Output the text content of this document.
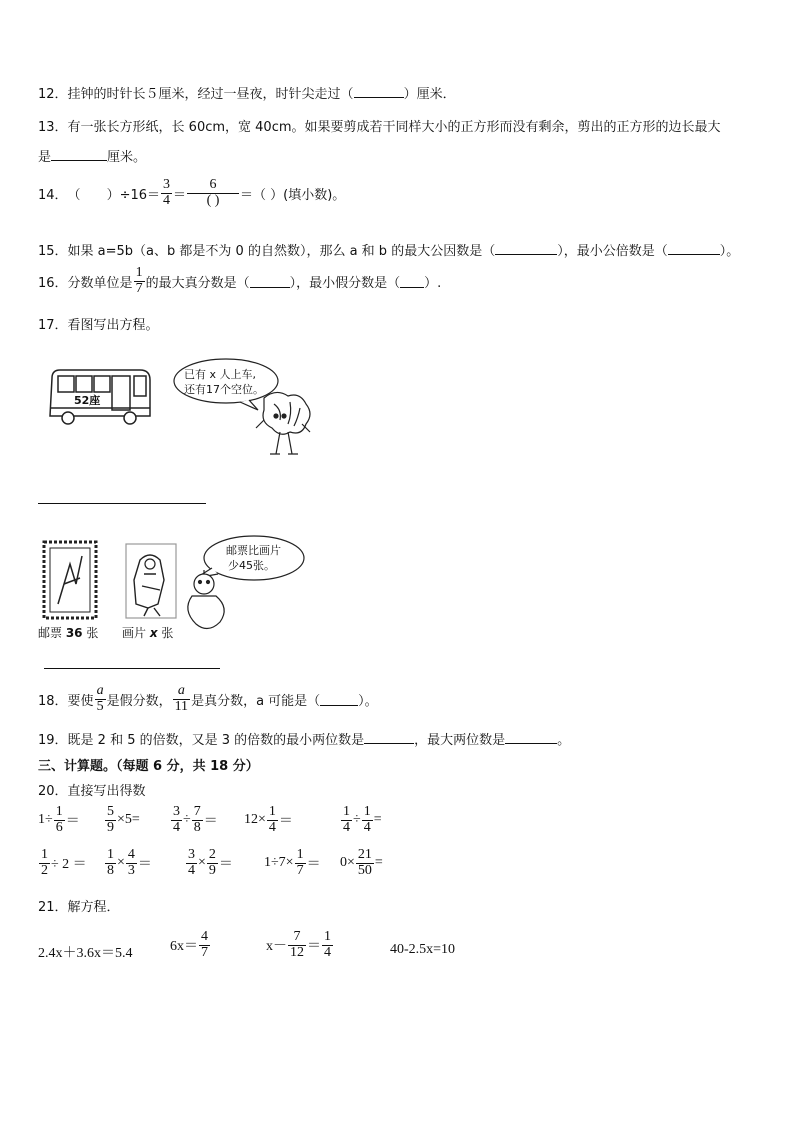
12．挂钟的时针长５厘米，经过一昼夜，时针尖走过（	）厘米．
13．有一张长方形纸，长 60cm，宽 40cm。如果要剪成若干同样大小的正方形而没有剩余，剪出的正方形的边长最大
是	厘米。
14． （ ）$\div 16= \frac{3}{4} = \frac{6}{( )}$ ＝（ ）(填小数)。
15．如果 a=5b（a、b 都是不为 0 的自然数），那么 a 和 b 的最大公因数是（	），最小公倍数是（	）。
16． 分数单位是 $\frac{1}{7}$ 的最大真分数是（	），最小假分数是（ ）.
17．看图写出方程。
52座
已有 x 人上车,
还有17个空位。
邮票比画片
少45张。
邮票 36 张 画片 x 张
18． 要使 $\frac{a}{5}$ 是假分数， $\frac{a}{11}$ 是真分数，a 可能是（	）。
19．既是 2 和 5 的倍数，又是 3 的倍数的最小两位数是	，最大两位数是	。
三、计算题。（每题 6 分，共 18 分）
20．直接写出得数
$1\div \frac{1}{6} = \frac{5}{9} \times 5= \frac{3}{4} \div \frac{7}{8} = 12\times \frac{1}{4}$ ＝	$\frac{1}{4} \div \frac{1}{4}$ =
$\frac{1}{2} \div 2 = \frac{1}{8} \times \frac{4}{3} = \frac{3}{4} \times \frac{2}{9} = 1\div 7\times \frac{1}{7} = 0\times \frac{21}{50}$ =
21．解方程．
2.4x＋3.6x＝5.4	$6x= \frac{4}{7}$	$x- \frac{7}{12} = \frac{1}{4}$	40-2.5x=10
